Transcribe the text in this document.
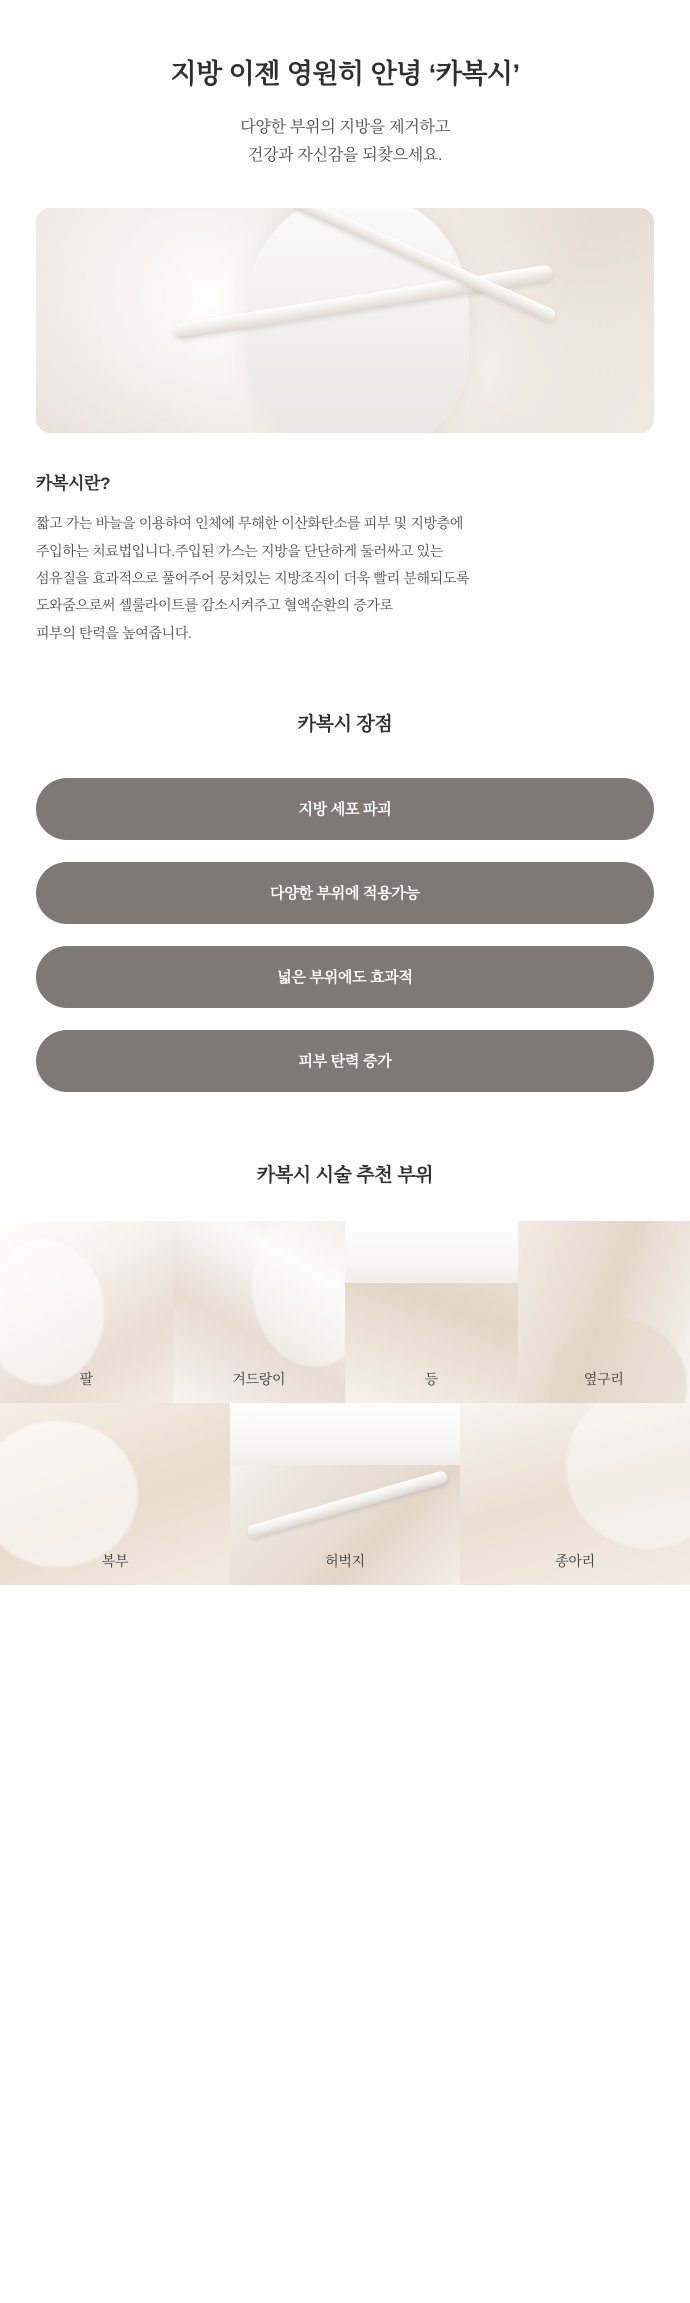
지방 이젠 영원히 안녕 ‘카복시’
다양한 부위의 지방을 제거하고
건강과 자신감을 되찾으세요.
카복시란?
짧고 가는 바늘을 이용하여 인체에 무해한 이산화탄소를 피부 및 지방층에
주입하는 치료법입니다.주입된 가스는 지방을 단단하게 둘러싸고 있는
섬유질을 효과적으로 풀어주어 뭉쳐있는 지방조직이 더욱 빨리 분해되도록
도와줌으로써 셀룰라이트를 감소시켜주고 혈액순환의 증가로
피부의 탄력을 높여줍니다.
카복시 장점
지방 세포 파괴
다양한 부위에 적용가능
넓은 부위에도 효과적
피부 탄력 증가
카복시 시술 추천 부위
팔	겨드랑이	등	옆구리
복부	허벅지	종아리
